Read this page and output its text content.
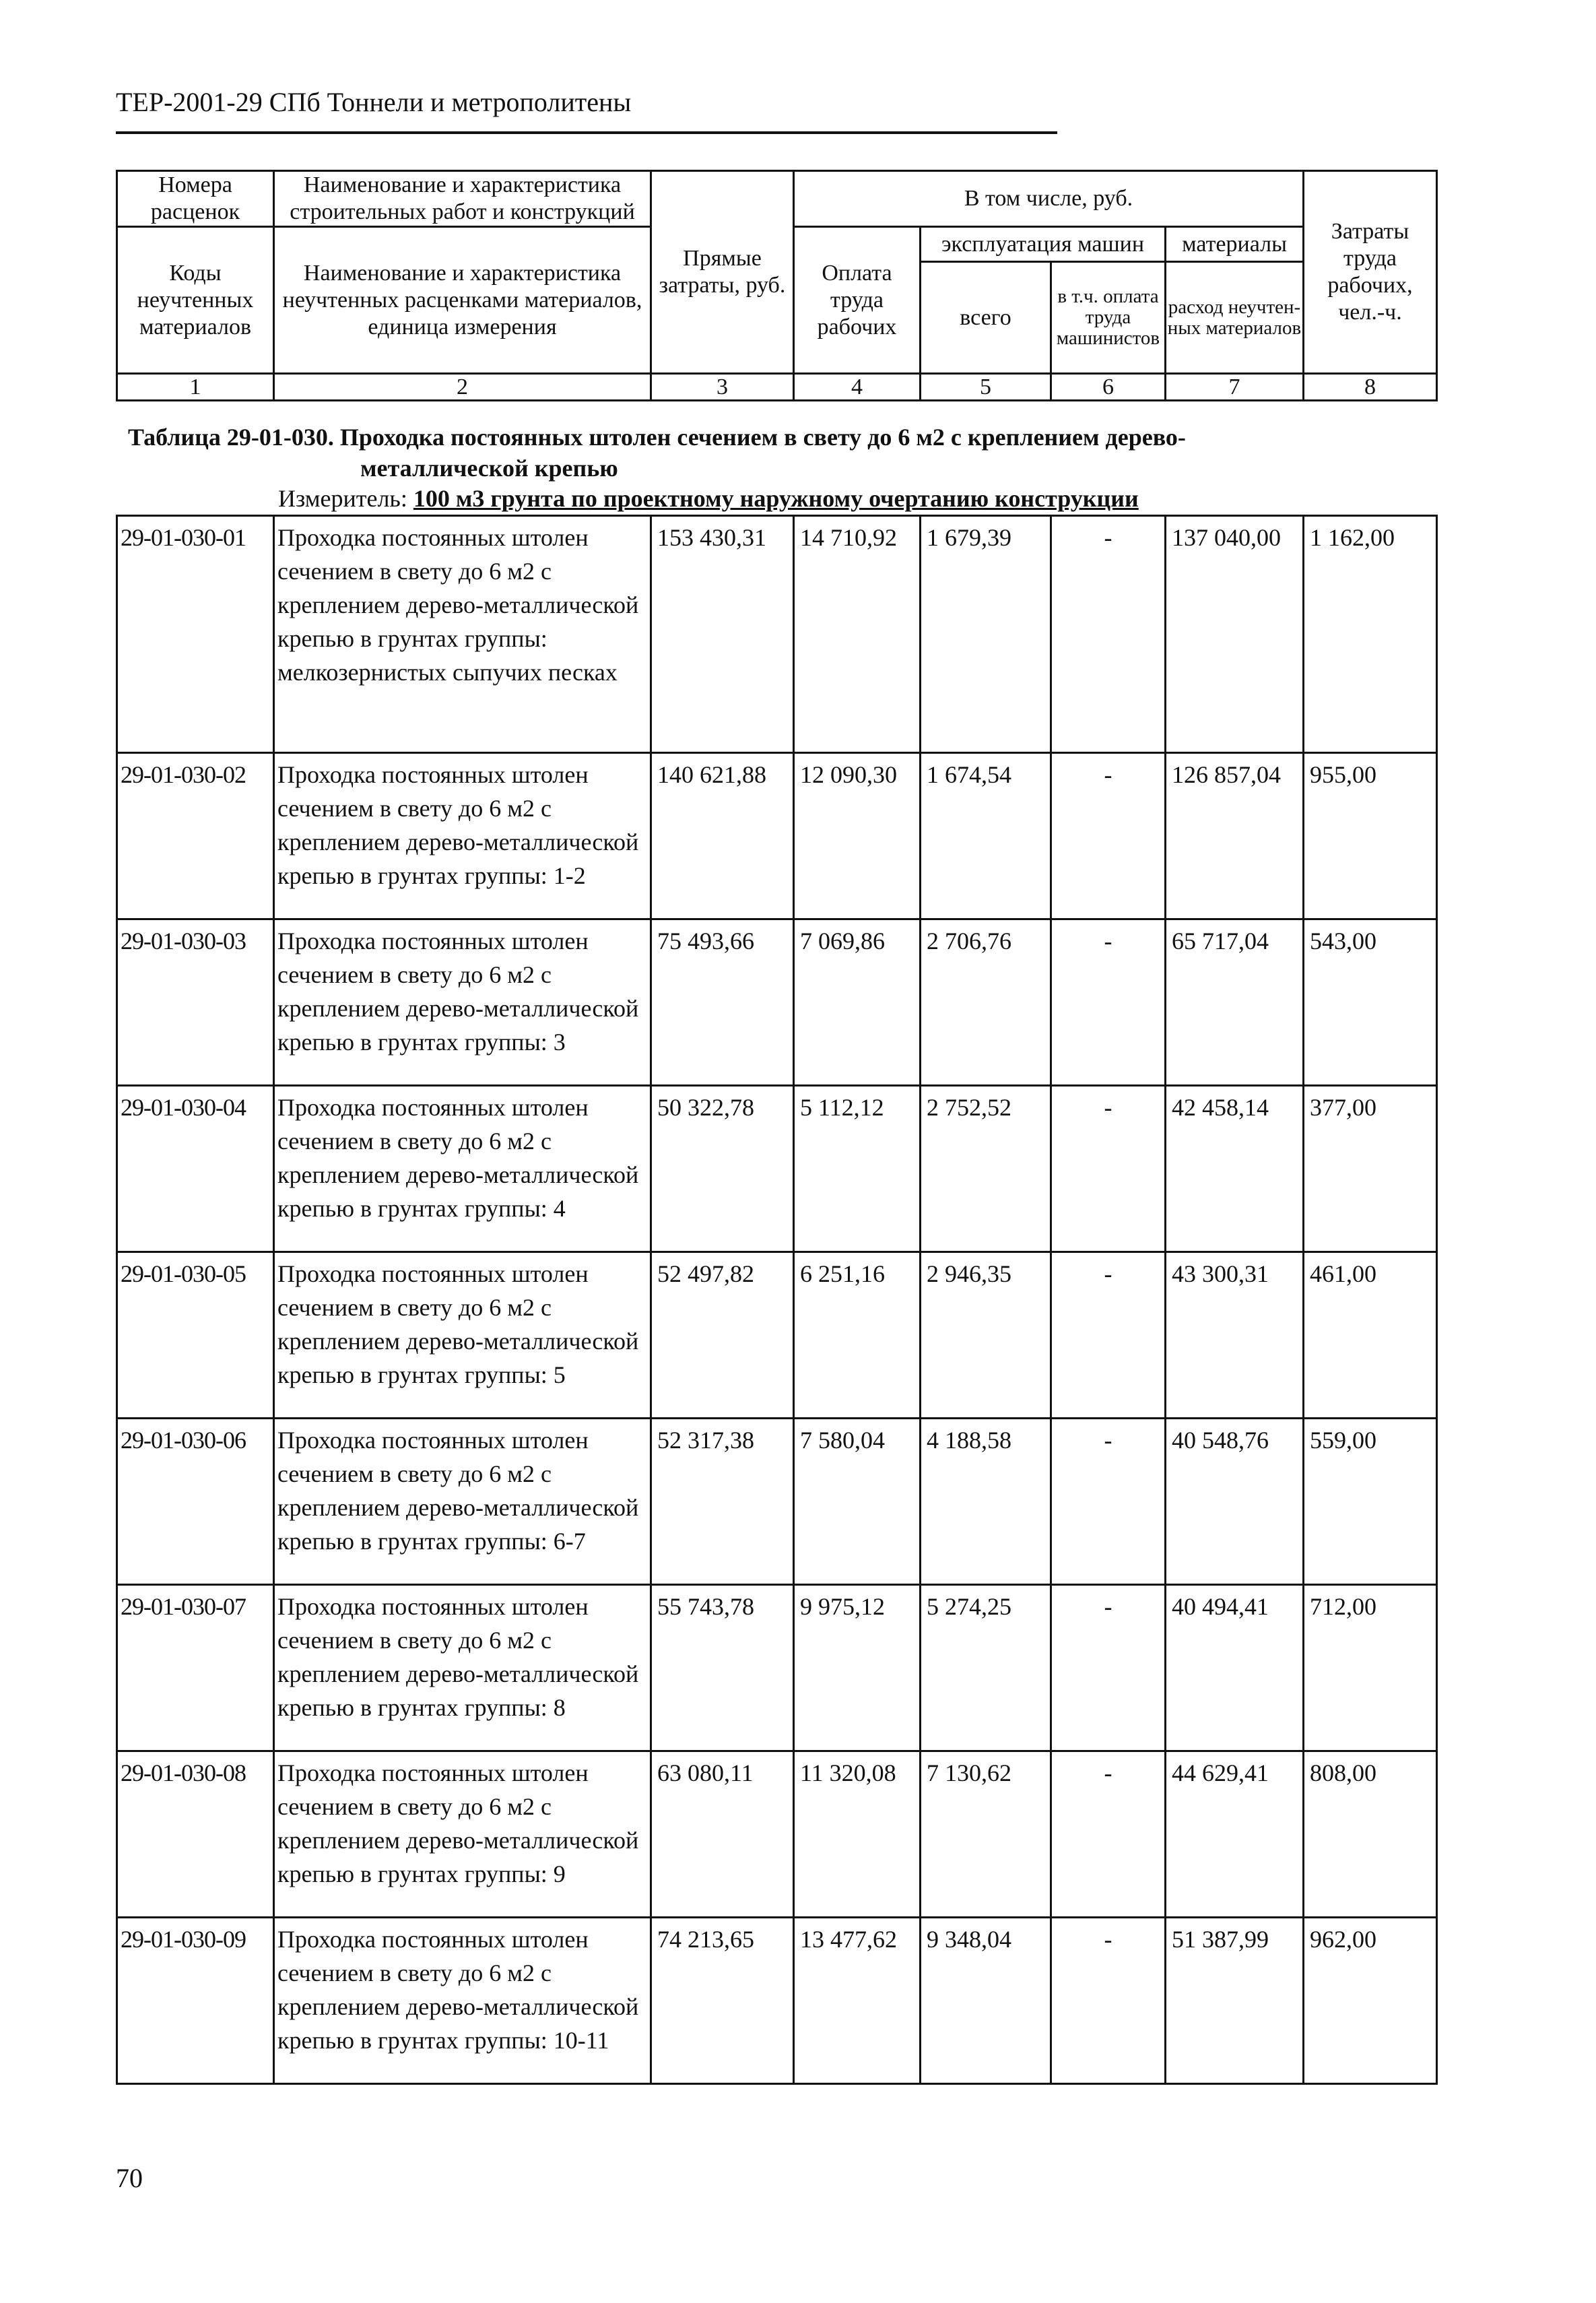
ТЕР-2001-29 СПб Тоннели и метрополитены
Номера расценок	Наименование и характеристика строительных работ и конструкций	Прямые затраты, руб.	В том числе, руб.				Затраты труда рабочих, чел.-ч.
Коды неучтенных материалов	Наименование и характеристика неучтенных расценками материалов, единица измерения		Оплата труда рабочих	эксплуатация машин		материалы	
				всего	в т.ч. оплата труда машинистов	расход неучтен-ных материалов	
1	2	3	4	5	6	7	8
Таблица 29-01-030. Проходка постоянных штолен сечением в свету до 6 м2 с креплением дерево-
металлической крепью
Измеритель: 100 м3 грунта по проектному наружному очертанию конструкции
29-01-030-01	Проходка постоянных штолен сечением в свету до 6 м2 с креплением дерево-металлической крепью в грунтах группы: мелкозернистых сыпучих песках	153 430,31	14 710,92	1 679,39	-	137 040,00	1 162,00
29-01-030-02	Проходка постоянных штолен сечением в свету до 6 м2 с креплением дерево-металлической крепью в грунтах группы: 1-2	140 621,88	12 090,30	1 674,54	-	126 857,04	955,00
29-01-030-03	Проходка постоянных штолен сечением в свету до 6 м2 с креплением дерево-металлической крепью в грунтах группы: 3	75 493,66	7 069,86	2 706,76	-	65 717,04	543,00
29-01-030-04	Проходка постоянных штолен сечением в свету до 6 м2 с креплением дерево-металлической крепью в грунтах группы: 4	50 322,78	5 112,12	2 752,52	-	42 458,14	377,00
29-01-030-05	Проходка постоянных штолен сечением в свету до 6 м2 с креплением дерево-металлической крепью в грунтах группы: 5	52 497,82	6 251,16	2 946,35	-	43 300,31	461,00
29-01-030-06	Проходка постоянных штолен сечением в свету до 6 м2 с креплением дерево-металлической крепью в грунтах группы: 6-7	52 317,38	7 580,04	4 188,58	-	40 548,76	559,00
29-01-030-07	Проходка постоянных штолен сечением в свету до 6 м2 с креплением дерево-металлической крепью в грунтах группы: 8	55 743,78	9 975,12	5 274,25	-	40 494,41	712,00
29-01-030-08	Проходка постоянных штолен сечением в свету до 6 м2 с креплением дерево-металлической крепью в грунтах группы: 9	63 080,11	11 320,08	7 130,62	-	44 629,41	808,00
29-01-030-09	Проходка постоянных штолен сечением в свету до 6 м2 с креплением дерево-металлической крепью в грунтах группы: 10-11	74 213,65	13 477,62	9 348,04	-	51 387,99	962,00
70
